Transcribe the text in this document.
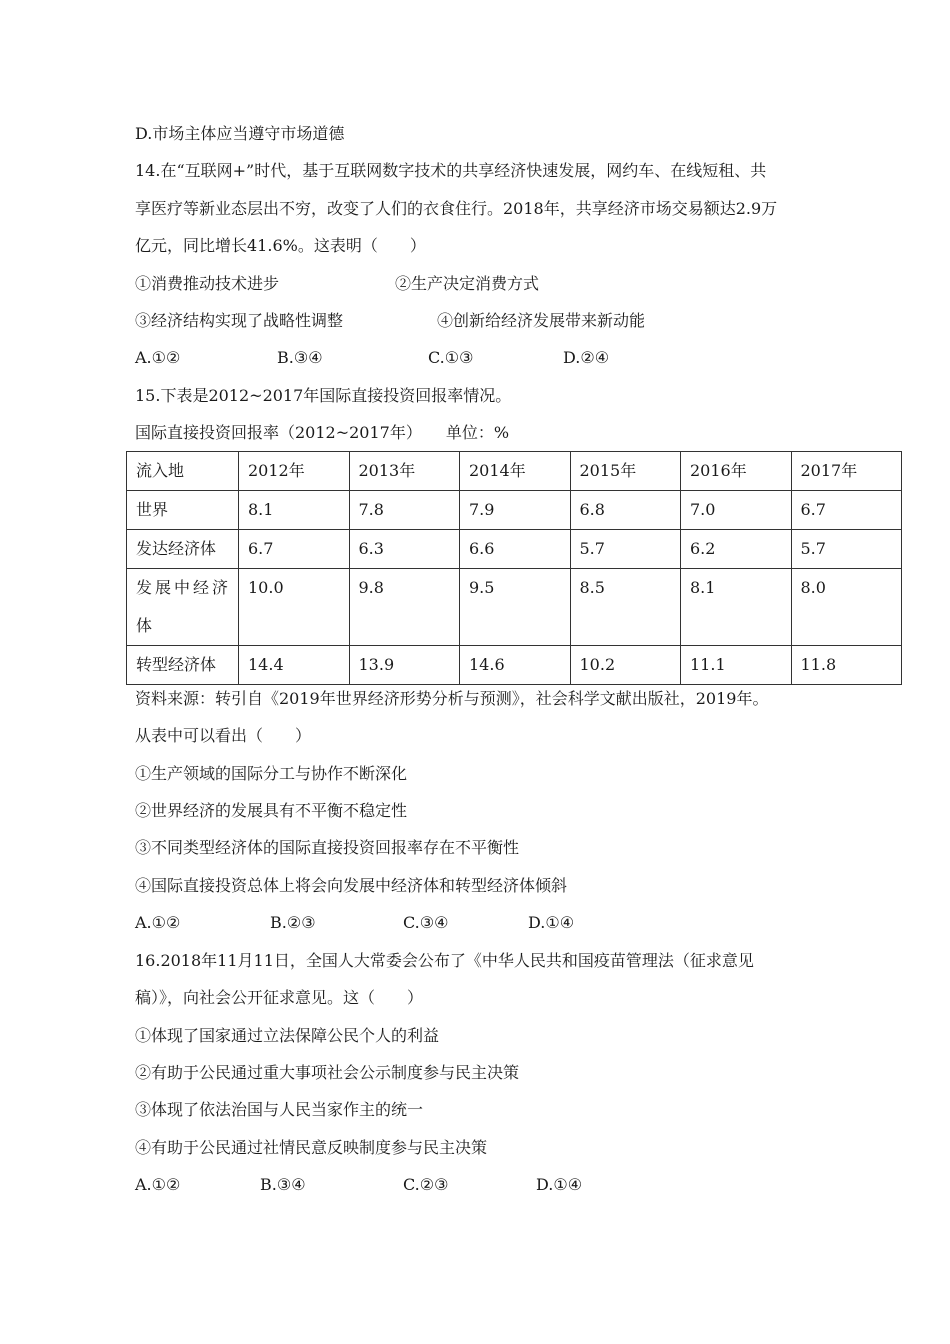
D.市场主体应当遵守市场道德
14.在“互联网+”时代，基于互联网数字技术的共享经济快速发展，网约车、在线短租、共
享医疗等新业态层出不穷，改变了人们的衣食住行。2018年，共享经济市场交易额达2.9万
亿元，同比增长41.6%。这表明（　　）
①消费推动技术进步	②生产决定消费方式
③经济结构实现了战略性调整	④创新给经济发展带来新动能
A.①②	B.③④	C.①③	D.②④
15.下表是2012~2017年国际直接投资回报率情况。
国际直接投资回报率（2012~2017年）　　单位：%
流入地	2012年	2013年	2014年	2015年	2016年	2017年
世界	8.1	7.8	7.9	6.8	7.0	6.7
发达经济体	6.7	6.3	6.6	5.7	6.2	5.7

发展中经济体	10.0	9.8	9.5	8.5	8.1	8.0
转型经济体	14.4	13.9	14.6	10.2	11.1	11.8
资料来源：转引自《2019年世界经济形势分析与预测》，社会科学文献出版社，2019年。
从表中可以看出（　　）
①生产领域的国际分工与协作不断深化
②世界经济的发展具有不平衡不稳定性
③不同类型经济体的国际直接投资回报率存在不平衡性
④国际直接投资总体上将会向发展中经济体和转型经济体倾斜
A.①②	B.②③	C.③④	D.①④
16.2018年11月11日，全国人大常委会公布了《中华人民共和国疫苗管理法（征求意见
稿）》，向社会公开征求意见。这（　　）
①体现了国家通过立法保障公民个人的利益
②有助于公民通过重大事项社会公示制度参与民主决策
③体现了依法治国与人民当家作主的统一
④有助于公民通过社情民意反映制度参与民主决策
A.①②	B.③④	C.②③	D.①④
